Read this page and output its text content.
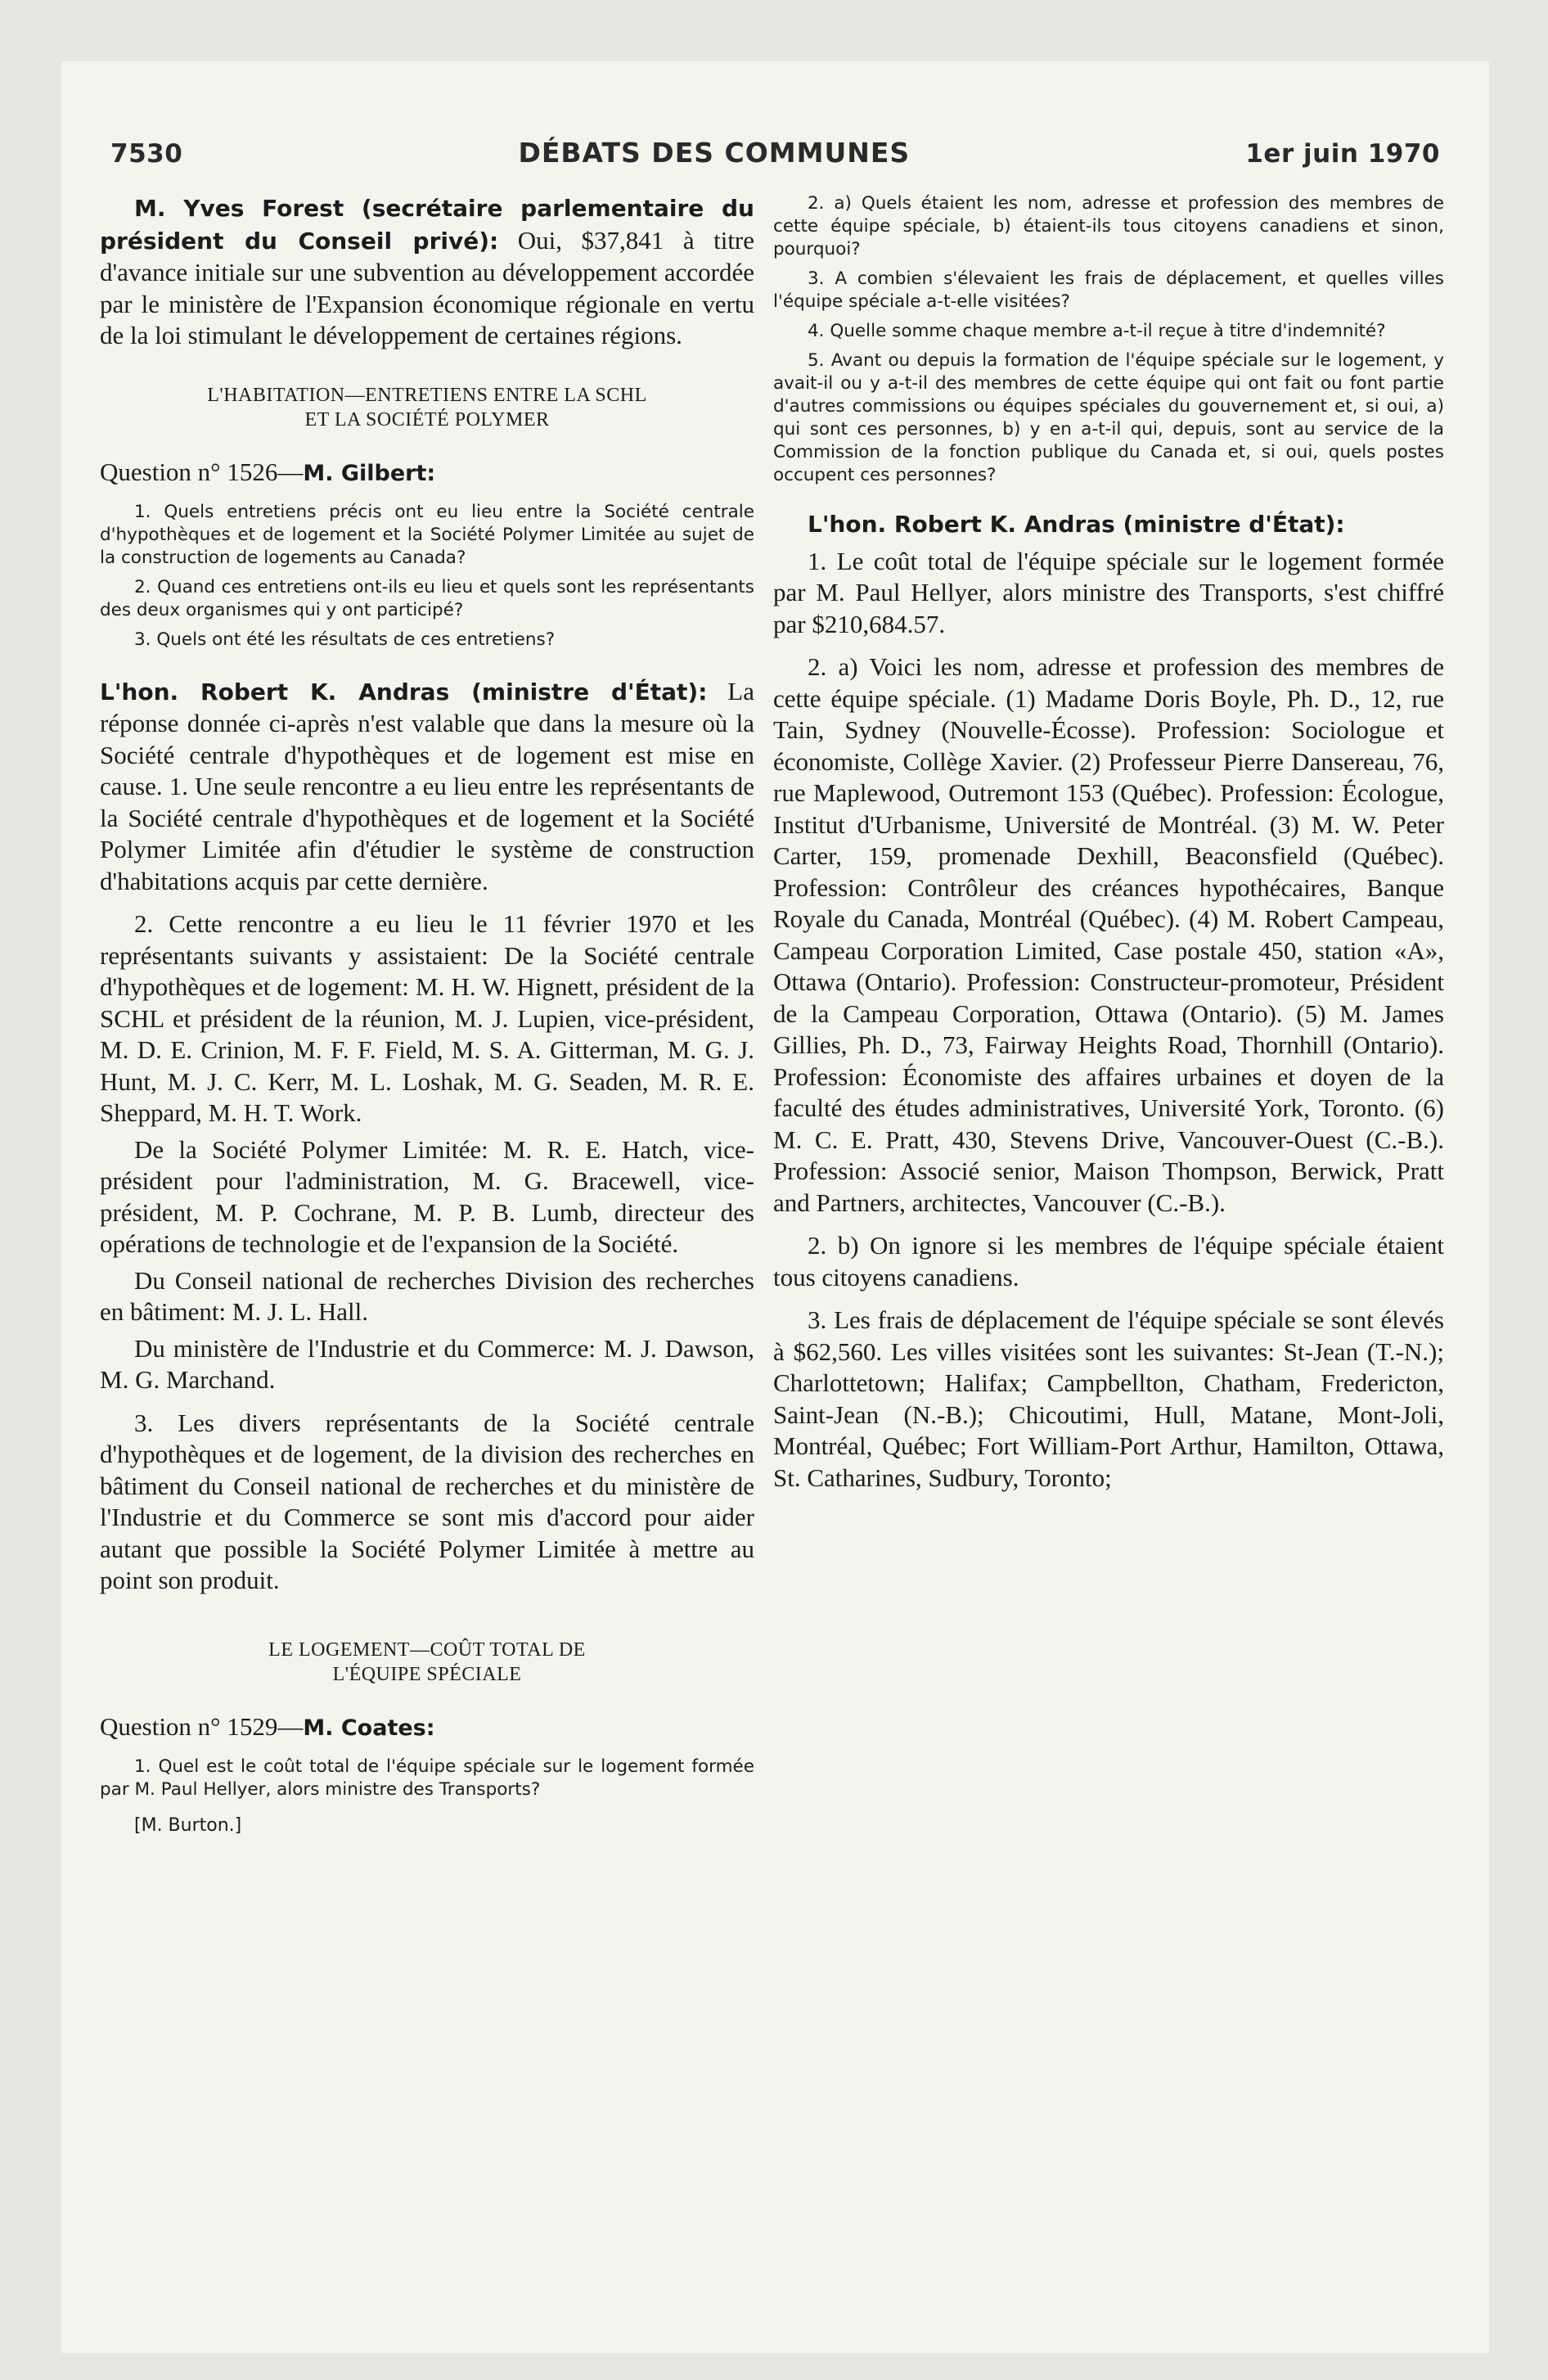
7530	DÉBATS DES COMMUNES	1er juin 1970

M. Yves Forest (secrétaire parlementaire du président du Conseil privé): Oui, $37,841 à titre d'avance initiale sur une subvention au développement accordée par le ministère de l'Expansion économique régionale en vertu de la loi stimulant le développement de certaines régions.

L'HABITATION—ENTRETIENS ENTRE LA SCHL
ET LA SOCIÉTÉ POLYMER

Question n° 1526—M. Gilbert:

1. Quels entretiens précis ont eu lieu entre la Société centrale d'hypothèques et de logement et la Société Polymer Limitée au sujet de la construction de logements au Canada?

2. Quand ces entretiens ont-ils eu lieu et quels sont les représentants des deux organismes qui y ont participé?

3. Quels ont été les résultats de ces entretiens?

L'hon. Robert K. Andras (ministre d'État): La réponse donnée ci-après n'est valable que dans la mesure où la Société centrale d'hypothèques et de logement est mise en cause. 1. Une seule rencontre a eu lieu entre les représentants de la Société centrale d'hypothèques et de logement et la Société Polymer Limitée afin d'étudier le système de construction d'habitations acquis par cette dernière.

2. Cette rencontre a eu lieu le 11 février 1970 et les représentants suivants y assistaient: De la Société centrale d'hypothèques et de logement: M. H. W. Hignett, président de la SCHL et président de la réunion, M. J. Lupien, vice-président, M. D. E. Crinion, M. F. F. Field, M. S. A. Gitterman, M. G. J. Hunt, M. J. C. Kerr, M. L. Loshak, M. G. Seaden, M. R. E. Sheppard, M. H. T. Work.

De la Société Polymer Limitée: M. R. E. Hatch, vice-président pour l'administration, M. G. Bracewell, vice-président, M. P. Cochrane, M. P. B. Lumb, directeur des opérations de technologie et de l'expansion de la Société.

Du Conseil national de recherches Division des recherches en bâtiment: M. J. L. Hall.

Du ministère de l'Industrie et du Commerce: M. J. Dawson, M. G. Marchand.

3. Les divers représentants de la Société centrale d'hypothèques et de logement, de la division des recherches en bâtiment du Conseil national de recherches et du ministère de l'Industrie et du Commerce se sont mis d'accord pour aider autant que possible la Société Polymer Limitée à mettre au point son produit.

LE LOGEMENT—COÛT TOTAL DE
L'ÉQUIPE SPÉCIALE

Question n° 1529—M. Coates:

1. Quel est le coût total de l'équipe spéciale sur le logement formée par M. Paul Hellyer, alors ministre des Transports?

[M. Burton.]

2. a) Quels étaient les nom, adresse et profession des membres de cette équipe spéciale, b) étaient-ils tous citoyens canadiens et sinon, pourquoi?

3. A combien s'élevaient les frais de déplacement, et quelles villes l'équipe spéciale a-t-elle visitées?

4. Quelle somme chaque membre a-t-il reçue à titre d'indemnité?

5. Avant ou depuis la formation de l'équipe spéciale sur le logement, y avait-il ou y a-t-il des membres de cette équipe qui ont fait ou font partie d'autres commissions ou équipes spéciales du gouvernement et, si oui, a) qui sont ces personnes, b) y en a-t-il qui, depuis, sont au service de la Commission de la fonction publique du Canada et, si oui, quels postes occupent ces personnes?

L'hon. Robert K. Andras (ministre d'État):

1. Le coût total de l'équipe spéciale sur le logement formée par M. Paul Hellyer, alors ministre des Transports, s'est chiffré par $210,684.57.

2. a) Voici les nom, adresse et profession des membres de cette équipe spéciale. (1) Madame Doris Boyle, Ph. D., 12, rue Tain, Sydney (Nouvelle-Écosse). Profession: Sociologue et économiste, Collège Xavier. (2) Professeur Pierre Dansereau, 76, rue Maplewood, Outremont 153 (Québec). Profession: Écologue, Institut d'Urbanisme, Université de Montréal. (3) M. W. Peter Carter, 159, promenade Dexhill, Beaconsfield (Québec). Profession: Contrôleur des créances hypothécaires, Banque Royale du Canada, Montréal (Québec). (4) M. Robert Campeau, Campeau Corporation Limited, Case postale 450, station «A», Ottawa (Ontario). Profession: Constructeur-promoteur, Président de la Campeau Corporation, Ottawa (Ontario). (5) M. James Gillies, Ph. D., 73, Fairway Heights Road, Thornhill (Ontario). Profession: Économiste des affaires urbaines et doyen de la faculté des études administratives, Université York, Toronto. (6) M. C. E. Pratt, 430, Stevens Drive, Vancouver-Ouest (C.-B.). Profession: Associé senior, Maison Thompson, Berwick, Pratt and Partners, architectes, Vancouver (C.-B.).

2. b) On ignore si les membres de l'équipe spéciale étaient tous citoyens canadiens.

3. Les frais de déplacement de l'équipe spéciale se sont élevés à $62,560. Les villes visitées sont les suivantes: St-Jean (T.-N.); Charlottetown; Halifax; Campbellton, Chatham, Fredericton, Saint-Jean (N.-B.); Chicoutimi, Hull, Matane, Mont-Joli, Montréal, Québec; Fort William-Port Arthur, Hamilton, Ottawa, St. Catharines, Sudbury, Toronto;
